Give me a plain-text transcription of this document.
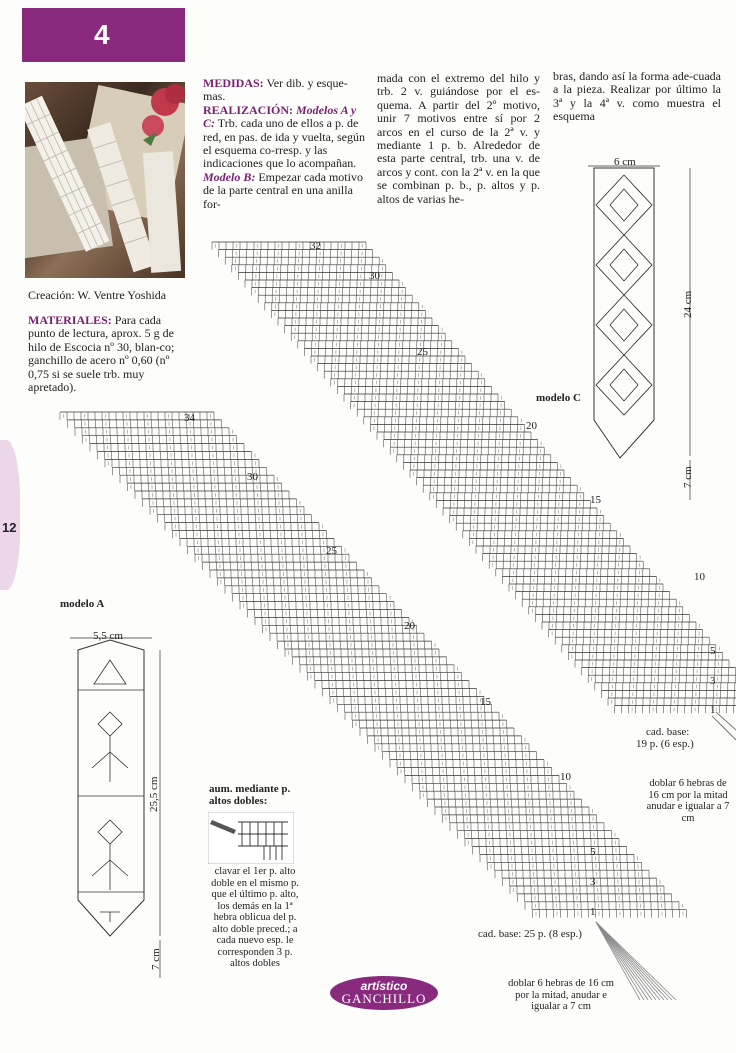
4
12
MEDIDAS: Ver dib. y esque-mas.
REALIZACIÓN: Modelos A y C: Trb. cada uno de ellos a p. de red, en pas. de ida y vuelta, según el esquema co-rresp. y las indicaciones que lo acompañan. Modelo B: Empezar cada motivo de la parte central en una anilla for-
mada con el extremo del hilo y trb. 2 v. guiándose por el es-quema. A partir del 2º motivo, unir 7 motivos entre sí por 2 arcos en el curso de la 2ª v. y mediante 1 p. b. Alrededor de esta parte central, trb. una v. de arcos y cont. con la 2ª v. en la que se combinan p. b., p. altos y p. altos de varias he-
bras, dando así la forma ade-cuada a la pieza. Realizar por último la 3ª y la 4ª v. como muestra el esquema
Creación: W. Ventre Yoshida
MATERIALES: Para cada punto de lectura, aprox. 5 g de hilo de Escocia nº 30, blan-co; ganchillo de acero nº 0,60 (nº 0,75 si se suele trb. muy apretado).
32
30
25
20
15
10
5
3
1
cad. base:
19 p. (6 esp.)
34
30
25
20
15
10
5
3
1
cad. base: 25 p. (8 esp.)
modelo C
6 cm
24 cm
7 cm
modelo A
5,5 cm
25,5 cm
7 cm
aum. mediante p. altos dobles:
clavar el 1er p. alto doble en el mismo p. que el último p. alto, los demás en la 1ª hebra oblicua del p. alto doble preced.; a cada nuevo esp. le corresponden 3 p. altos dobles
doblar 6 hebras de
16 cm por la mitad
anudar e igualar a 7 cm
doblar 6 hebras de 16 cm
por la mitad, anudar e
igualar a 7 cm
artístico
GANCHILLO
